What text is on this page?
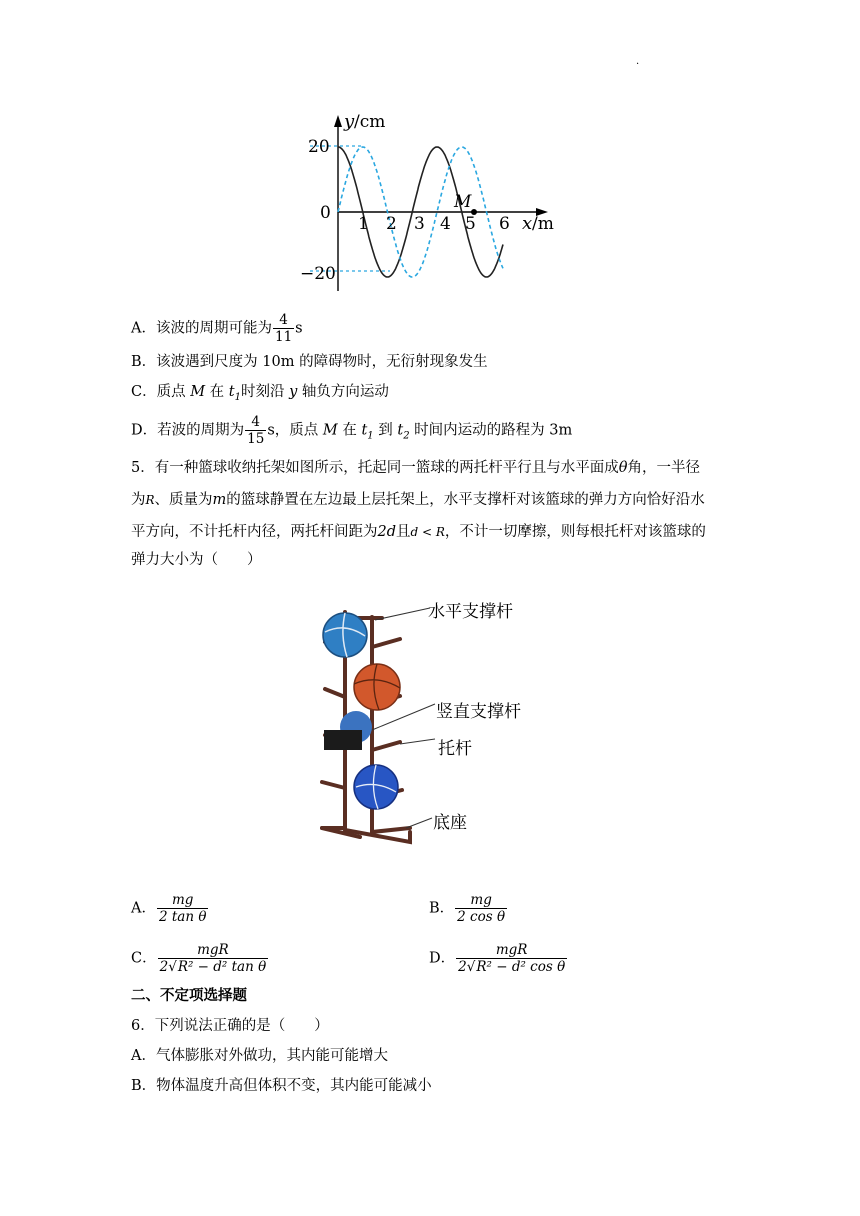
.
y /cm
20
0
−20
1 2 3 4 5 6
M
x /m
A．该波的周期可能为 $\frac{4}{11}$ s
B．该波遇到尺度为 10m 的障碍物时，无衍射现象发生
C．质点 M 在 $t_1$时刻沿 y 轴负方向运动
D．若波的周期为 $\frac{4}{15}$ s，质点 M 在 $t_1$ 到 $t_2$ 时间内运动的路程为 3m
5．有一种篮球收纳托架如图所示，托起同一篮球的两托杆平行且与水平面成θ角，一半径
为R、质量为m的篮球静置在左边最上层托架上，水平支撑杆对该篮球的弹力方向恰好沿水
平方向，不计托杆内径，两托杆间距为2d且d < R，不计一切摩擦，则每根托杆对该篮球的
弹力大小为（　　）
水平支撑杆
竖直支撑杆
托杆
底座
A． $\frac{mg}{\text{2 tan θ}}$	B． $\frac{mg}{\text{2 cos θ}}$
C． $\frac{\text{mgR}}{\text{2√R² − d² tan θ}}$	D． $\frac{\text{mgR}}{\text{2√R² − d² cos θ}}$
二、不定项选择题
6．下列说法正确的是（　　）
A．气体膨胀对外做功，其内能可能增大
B．物体温度升高但体积不变，其内能可能减小
